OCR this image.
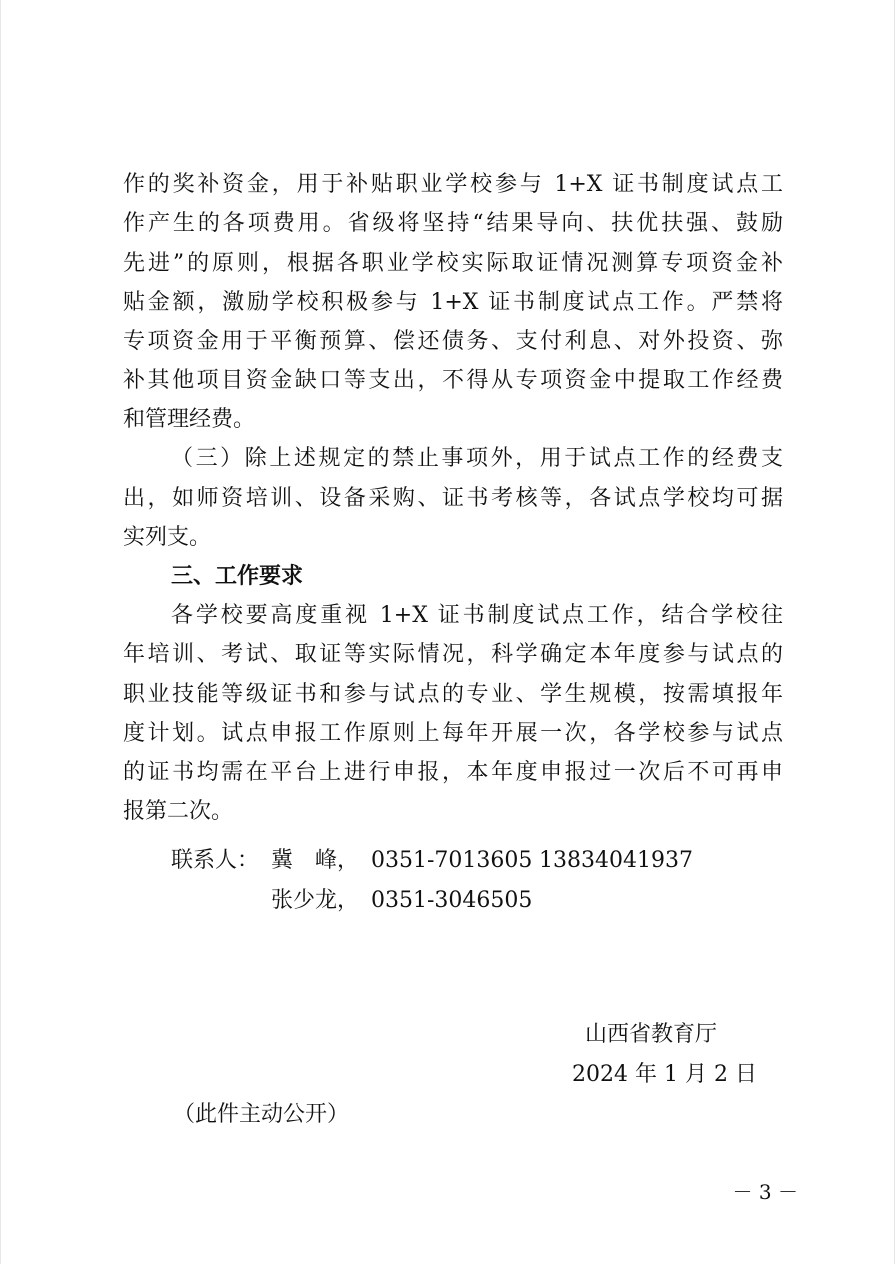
作的奖补资金，用于补贴职业学校参与 1+X 证书制度试点工
作产生的各项费用。省级将坚持“结果导向、扶优扶强、鼓励
先进”的原则，根据各职业学校实际取证情况测算专项资金补
贴金额，激励学校积极参与 1+X 证书制度试点工作。严禁将
专项资金用于平衡预算、偿还债务、支付利息、对外投资、弥
补其他项目资金缺口等支出，不得从专项资金中提取工作经费
和管理经费。
（三）除上述规定的禁止事项外，用于试点工作的经费支
出，如师资培训、设备采购、证书考核等，各试点学校均可据
实列支。
三、工作要求
各学校要高度重视 1+X 证书制度试点工作，结合学校往
年培训、考试、取证等实际情况，科学确定本年度参与试点的
职业技能等级证书和参与试点的专业、学生规模，按需填报年
度计划。试点申报工作原则上每年开展一次，各学校参与试点
的证书均需在平台上进行申报，本年度申报过一次后不可再申
报第二次。
联系人： 冀　峰， 0351-7013605 13834041937
张少龙， 0351-3046505
山西省教育厅
2024 年 1 月 2 日
（此件主动公开）
－ 3 －
